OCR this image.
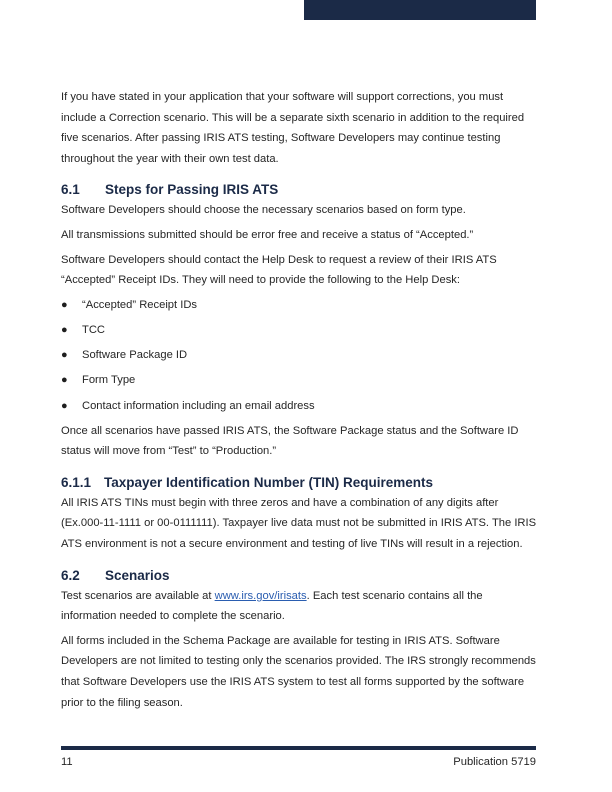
If you have stated in your application that your software will support corrections, you must include a Correction scenario. This will be a separate sixth scenario in addition to the required five scenarios. After passing IRIS ATS testing, Software Developers may continue testing throughout the year with their own test data.

6.1 Steps for Passing IRIS ATS

Software Developers should choose the necessary scenarios based on form type.

All transmissions submitted should be error free and receive a status of “Accepted.”

Software Developers should contact the Help Desk to request a review of their IRIS ATS “Accepted” Receipt IDs. They will need to provide the following to the Help Desk:

● “Accepted” Receipt IDs
● TCC
● Software Package ID
● Form Type
● Contact information including an email address

Once all scenarios have passed IRIS ATS, the Software Package status and the Software ID status will move from “Test” to “Production.”

6.1.1 Taxpayer Identification Number (TIN) Requirements

All IRIS ATS TINs must begin with three zeros and have a combination of any digits after (Ex.000-11-1111 or 00-0111111). Taxpayer live data must not be submitted in IRIS ATS. The IRIS ATS environment is not a secure environment and testing of live TINs will result in a rejection.

6.2 Scenarios

Test scenarios are available at www.irs.gov/irisats. Each test scenario contains all the information needed to complete the scenario.

All forms included in the Schema Package are available for testing in IRIS ATS. Software Developers are not limited to testing only the scenarios provided. The IRS strongly recommends that Software Developers use the IRIS ATS system to test all forms supported by the software prior to the filing season.

11	Publication 5719
